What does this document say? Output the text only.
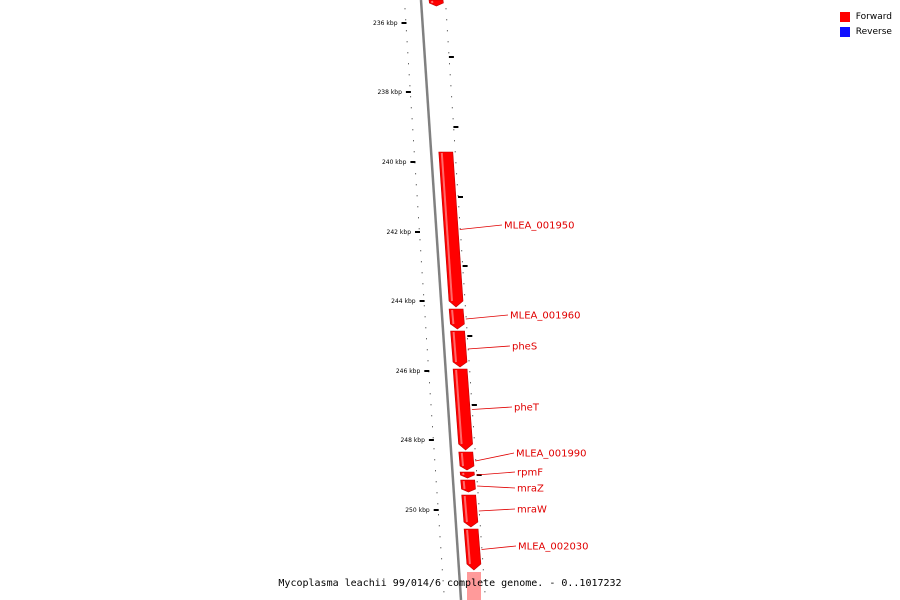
236 kbp
238 kbp
240 kbp
242 kbp
244 kbp
246 kbp
248 kbp
250 kbp
MLEA_001950
MLEA_001960
pheS
pheT
MLEA_001990
rpmF
mraZ
mraW
MLEA_002030
Forward
Reverse
Mycoplasma leachii 99/014/6 complete genome. - 0..1017232
